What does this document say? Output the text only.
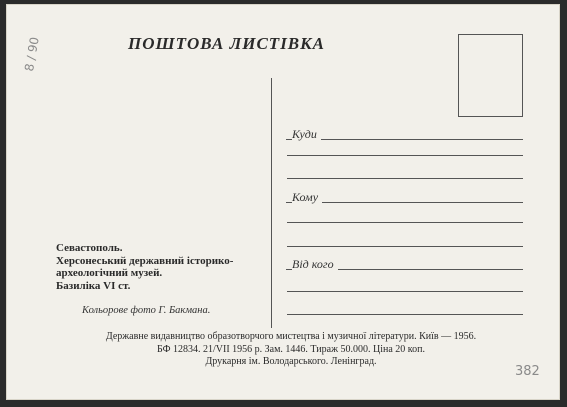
ПОШТОВА ЛИСТІВКА
Куди
Кому
Від кого
Севастополь.
Херсонеський державний історико-
археологічний музей.
Базиліка VI ст.
Кольорове фото Г. Бакмана.
Державне видавництво образотворчого мистецтва і музичної літератури. Київ — 1956.
БФ 12834. 21/VII 1956 р. Зам. 1446. Тираж 50.000. Ціна 20 коп.
Друкарня ім. Володарського. Ленінград.
8 / 90
382
